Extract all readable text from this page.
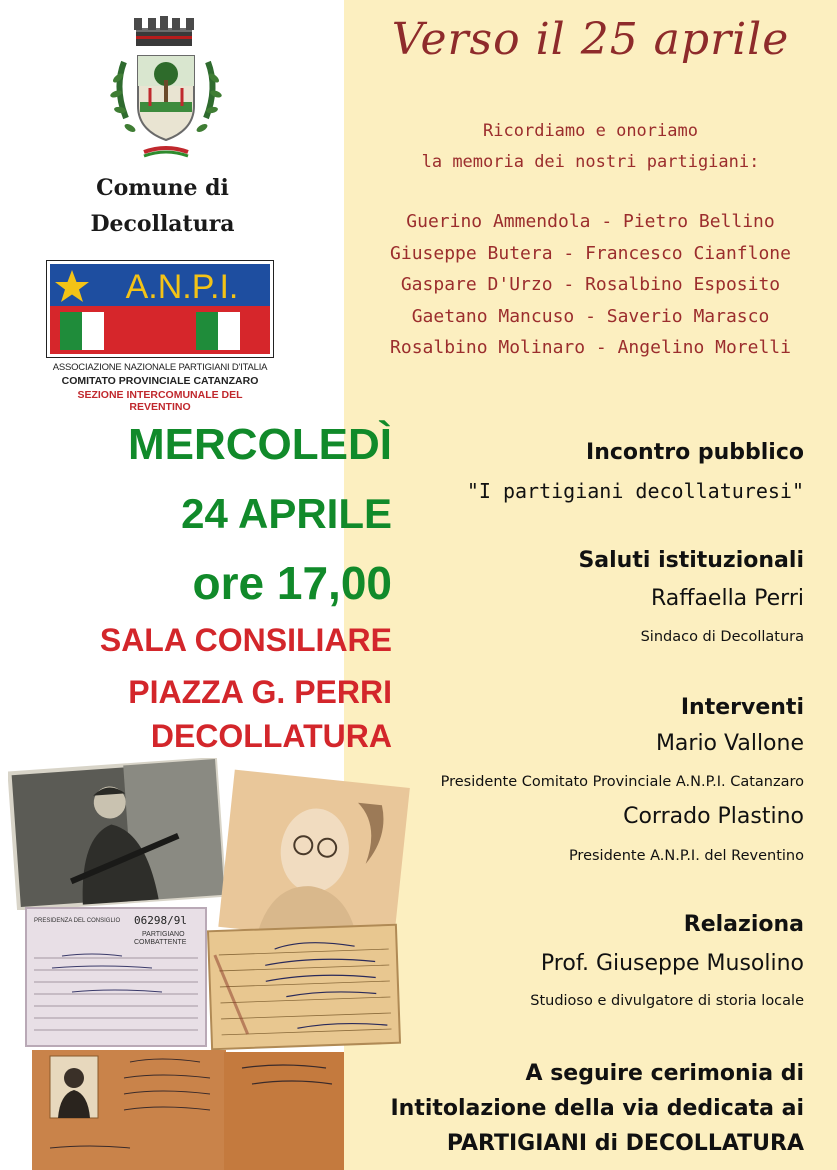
Comune di
Decollatura
A.N.P.I.
ASSOCIAZIONE NAZIONALE PARTIGIANI D'ITALIA
COMITATO PROVINCIALE CATANZARO
SEZIONE INTERCOMUNALE DEL REVENTINO
Verso il 25 aprile
Ricordiamo e onoriamo
la memoria dei nostri partigiani:
Guerino Ammendola - Pietro Bellino
Giuseppe Butera - Francesco Cianflone
Gaspare D'Urzo - Rosalbino Esposito
Gaetano Mancuso - Saverio Marasco
Rosalbino Molinaro - Angelino Morelli
MERCOLEDÌ
24 APRILE
ore 17,00
SALA CONSILIARE
PIAZZA G. PERRI
DECOLLATURA
Incontro pubblico
"I partigiani decollaturesi"
Saluti istituzionali
Raffaella Perri
Sindaco di Decollatura
Interventi
Mario Vallone
Presidente Comitato Provinciale A.N.P.I. Catanzaro
Corrado Plastino
Presidente A.N.P.I. del Reventino
Relaziona
Prof. Giuseppe Musolino
Studioso e divulgatore di storia locale
A seguire cerimonia di
Intitolazione della via dedicata ai
PARTIGIANI di DECOLLATURA
PRESIDENZA DEL CONSIGLIO 06298/9l
PARTIGIANO
COMBATTENTE
